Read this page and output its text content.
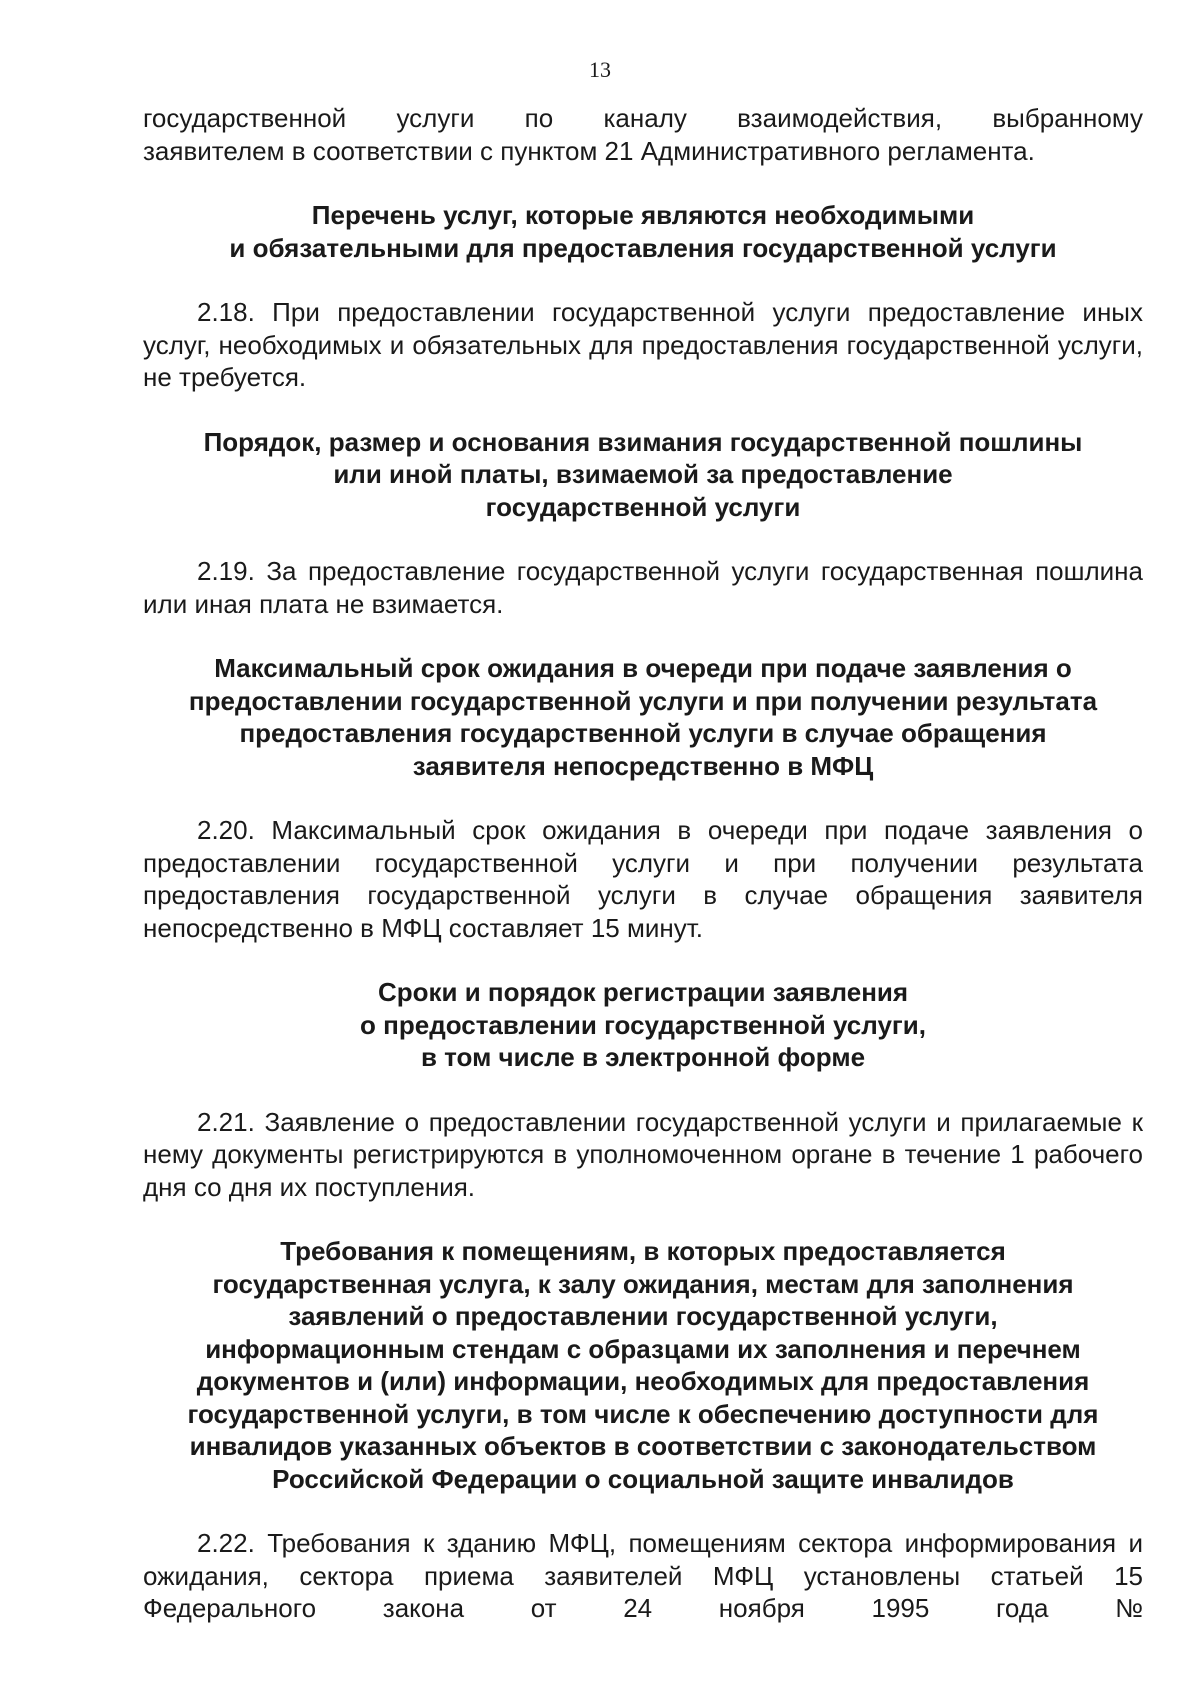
13

государственной услуги по каналу взаимодействия, выбранному
заявителем в соответствии с пунктом 21 Административного регламента.

Перечень услуг, которые являются необходимыми
и обязательными для предоставления государственной услуги

2.18. При предоставлении государственной услуги предоставление иных услуг, необходимых и обязательных для предоставления государственной услуги, не требуется.

Порядок, размер и основания взимания государственной пошлины
или иной платы, взимаемой за предоставление
государственной услуги

2.19. За предоставление государственной услуги государственная пошлина или иная плата не взимается.

Максимальный срок ожидания в очереди при подаче заявления о
предоставлении государственной услуги и при получении результата
предоставления государственной услуги в случае обращения
заявителя непосредственно в МФЦ

2.20. Максимальный срок ожидания в очереди при подаче заявления о предоставлении государственной услуги и при получении результата предоставления государственной услуги в случае обращения заявителя непосредственно в МФЦ составляет 15 минут.

Сроки и порядок регистрации заявления
о предоставлении государственной услуги,
в том числе в электронной форме

2.21. Заявление о предоставлении государственной услуги и прилагаемые к нему документы регистрируются в уполномоченном органе в течение 1 рабочего дня со дня их поступления.

Требования к помещениям, в которых предоставляется
государственная услуга, к залу ожидания, местам для заполнения
заявлений о предоставлении государственной услуги,
информационным стендам с образцами их заполнения и перечнем
документов и (или) информации, необходимых для предоставления
государственной услуги, в том числе к обеспечению доступности для
инвалидов указанных объектов в соответствии с законодательством
Российской Федерации о социальной защите инвалидов

2.22. Требования к зданию МФЦ, помещениям сектора информирования и ожидания, сектора приема заявителей МФЦ установлены статьей 15 Федерального закона от 24 ноября 1995 года №
